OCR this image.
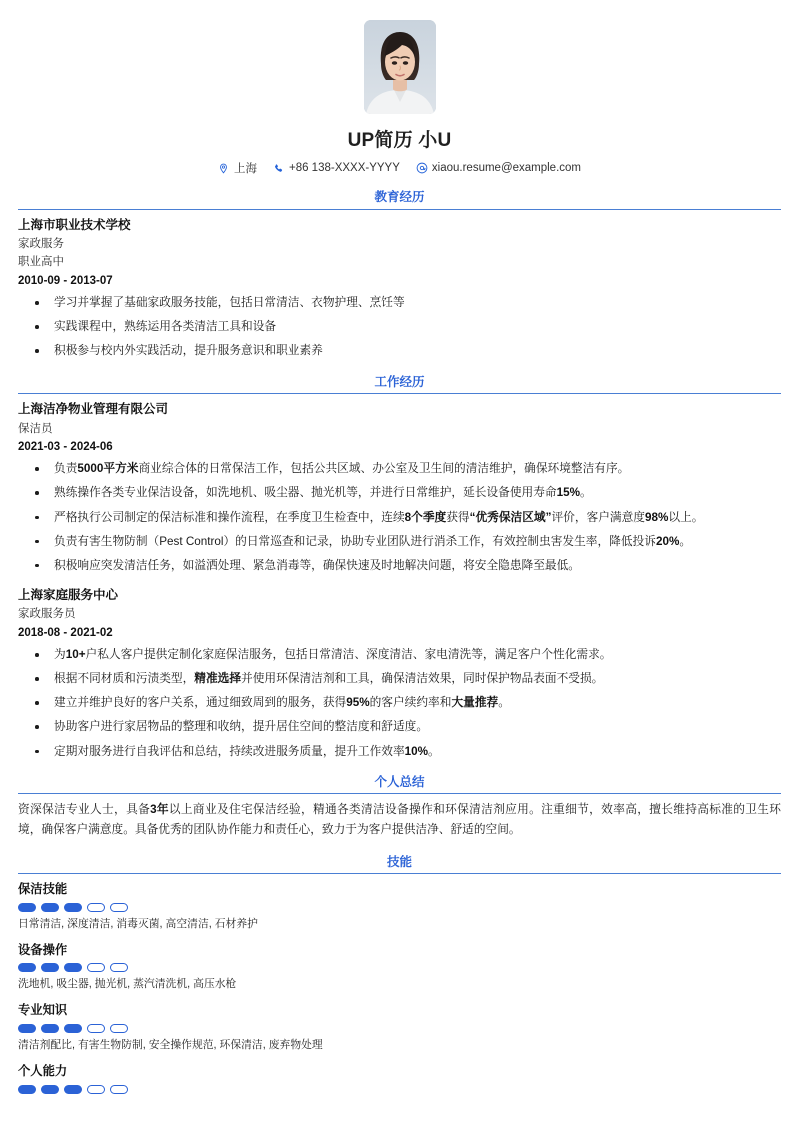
UP简历 小U
上海	+86 138-XXXX-YYYY	xiaou.resume@example.com
教育经历
上海市职业技术学校
家政服务
职业高中
2010-09 - 2013-07
学习并掌握了基础家政服务技能，包括日常清洁、衣物护理、烹饪等
实践课程中，熟练运用各类清洁工具和设备
积极参与校内外实践活动，提升服务意识和职业素养
工作经历
上海洁净物业管理有限公司
保洁员
2021-03 - 2024-06
负责5000平方米商业综合体的日常保洁工作，包括公共区域、办公室及卫生间的清洁维护，确保环境整洁有序。
熟练操作各类专业保洁设备，如洗地机、吸尘器、抛光机等，并进行日常维护，延长设备使用寿命15%。
严格执行公司制定的保洁标准和操作流程，在季度卫生检查中，连续8个季度获得“优秀保洁区域”评价，客户满意度98%以上。
负责有害生物防制（Pest Control）的日常巡查和记录，协助专业团队进行消杀工作，有效控制虫害发生率，降低投诉20%。
积极响应突发清洁任务，如溢洒处理、紧急消毒等，确保快速及时地解决问题，将安全隐患降至最低。
上海家庭服务中心
家政服务员
2018-08 - 2021-02
为10+户私人客户提供定制化家庭保洁服务，包括日常清洁、深度清洁、家电清洗等，满足客户个性化需求。
根据不同材质和污渍类型，精准选择并使用环保清洁剂和工具，确保清洁效果，同时保护物品表面不受损。
建立并维护良好的客户关系，通过细致周到的服务，获得95%的客户续约率和大量推荐。
协助客户进行家居物品的整理和收纳，提升居住空间的整洁度和舒适度。
定期对服务进行自我评估和总结，持续改进服务质量，提升工作效率10%。
个人总结
资深保洁专业人士，具备3年以上商业及住宅保洁经验，精通各类清洁设备操作和环保清洁剂应用。注重细节，效率高，擅长维持高标准的卫生环境，确保客户满意度。具备优秀的团队协作能力和责任心，致力于为客户提供洁净、舒适的空间。
技能
保洁技能
日常清洁, 深度清洁, 消毒灭菌, 高空清洁, 石材养护
设备操作
洗地机, 吸尘器, 抛光机, 蒸汽清洗机, 高压水枪
专业知识
清洁剂配比, 有害生物防制, 安全操作规范, 环保清洁, 废弃物处理
个人能力
